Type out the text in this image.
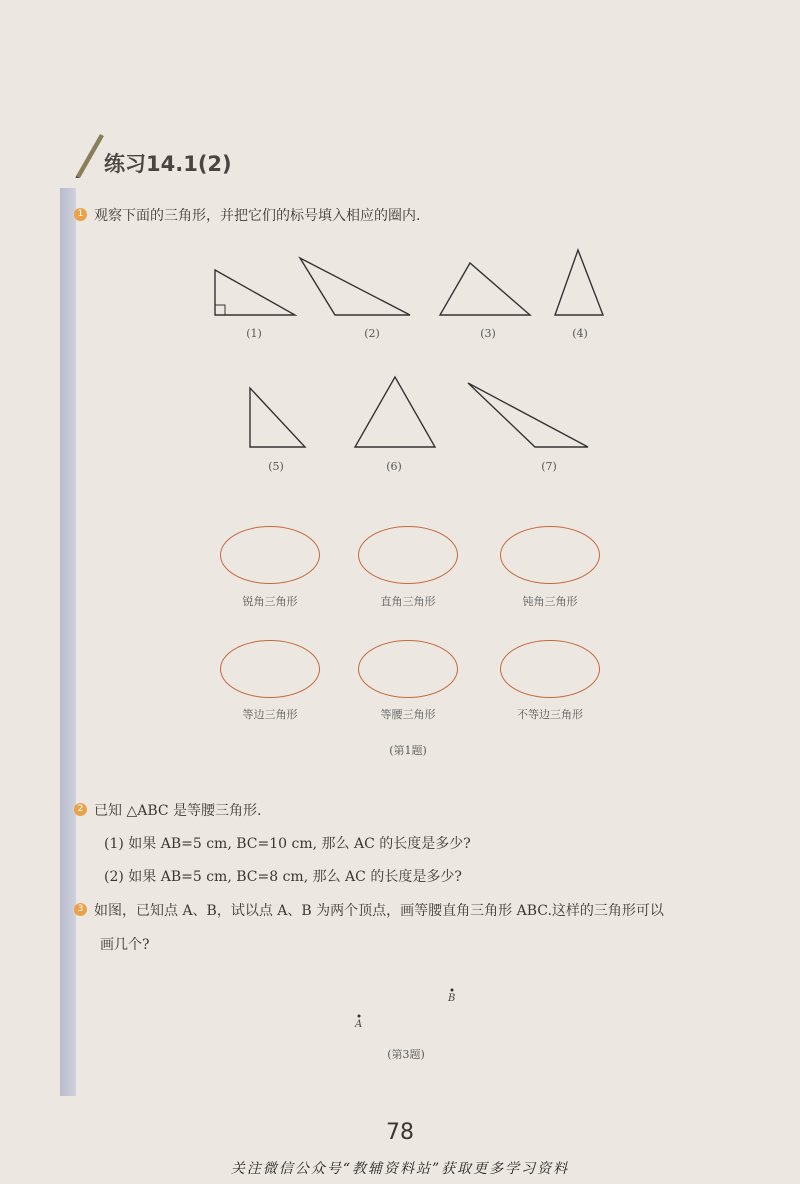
练习14.1(2)
1 观察下面的三角形，并把它们的标号填入相应的圈内.
(1)	(2)	(3)	(4)
(5)	(6)	(7)
锐角三角形	直角三角形	钝角三角形
等边三角形	等腰三角形	不等边三角形
(第1题)
2 已知 △ABC 是等腰三角形.
(1) 如果 AB=5 cm, BC=10 cm, 那么 AC 的长度是多少?
(2) 如果 AB=5 cm, BC=8 cm, 那么 AC 的长度是多少?
3 如图，已知点 A、B，试以点 A、B 为两个顶点，画等腰直角三角形 ABC.这样的三角形可以
画几个?
B
A
(第3题)
78
关注微信公众号“教辅资料站”获取更多学习资料
